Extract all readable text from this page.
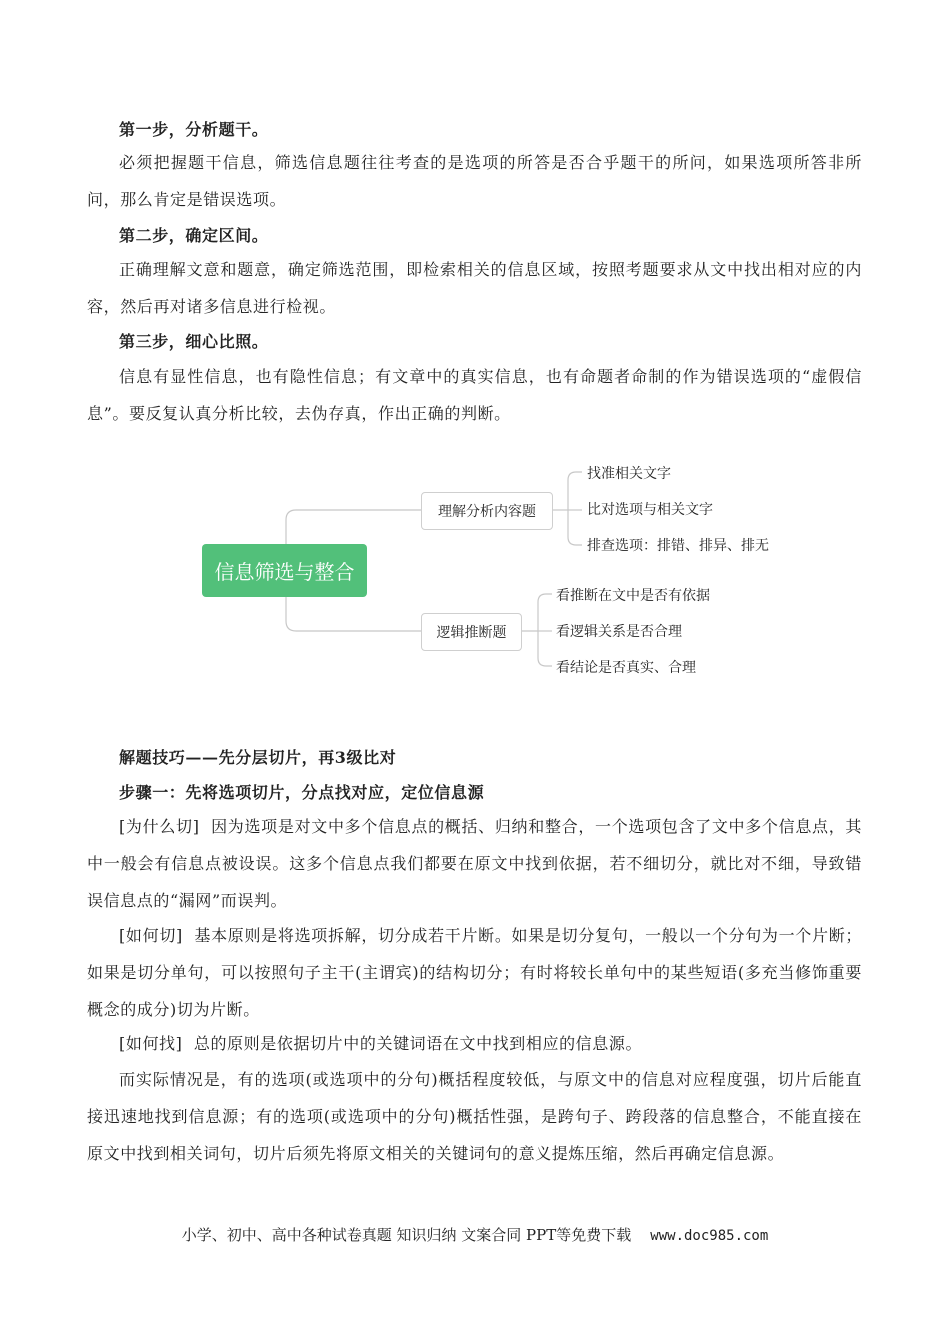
第一步，分析题干。

必须把握题干信息，筛选信息题往往考查的是选项的所答是否合乎题干的所问，如果选项所答非所问，那么肯定是错误选项。

第二步，确定区间。

正确理解文意和题意，确定筛选范围，即检索相关的信息区域，按照考题要求从文中找出相对应的内容，然后再对诸多信息进行检视。

第三步，细心比照。

信息有显性信息，也有隐性信息；有文章中的真实信息，也有命题者命制的作为错误选项的“虚假信息”。要反复认真分析比较，去伪存真，作出正确的判断。

信息筛选与整合
理解分析内容题
找准相关文字
比对选项与相关文字
排查选项：排错、排异、排无
逻辑推断题
看推断在文中是否有依据
看逻辑关系是否合理
看结论是否真实、合理

解题技巧——先分层切片，再3级比对

步骤一：先将选项切片，分点找对应，定位信息源

[为什么切] 因为选项是对文中多个信息点的概括、归纳和整合，一个选项包含了文中多个信息点，其中一般会有信息点被设误。这多个信息点我们都要在原文中找到依据，若不细切分，就比对不细，导致错误信息点的“漏网”而误判。

[如何切] 基本原则是将选项拆解，切分成若干片断。如果是切分复句，一般以一个分句为一个片断；如果是切分单句，可以按照句子主干(主谓宾)的结构切分；有时将较长单句中的某些短语(多充当修饰重要概念的成分)切为片断。

[如何找] 总的原则是依据切片中的关键词语在文中找到相应的信息源。

而实际情况是，有的选项(或选项中的分句)概括程度较低，与原文中的信息对应程度强，切片后能直接迅速地找到信息源；有的选项(或选项中的分句)概括性强，是跨句子、跨段落的信息整合，不能直接在原文中找到相关词句，切片后须先将原文相关的关键词句的意义提炼压缩，然后再确定信息源。

小学、初中、高中各种试卷真题 知识归纳 文案合同 PPT等免费下载 www.doc985.com
